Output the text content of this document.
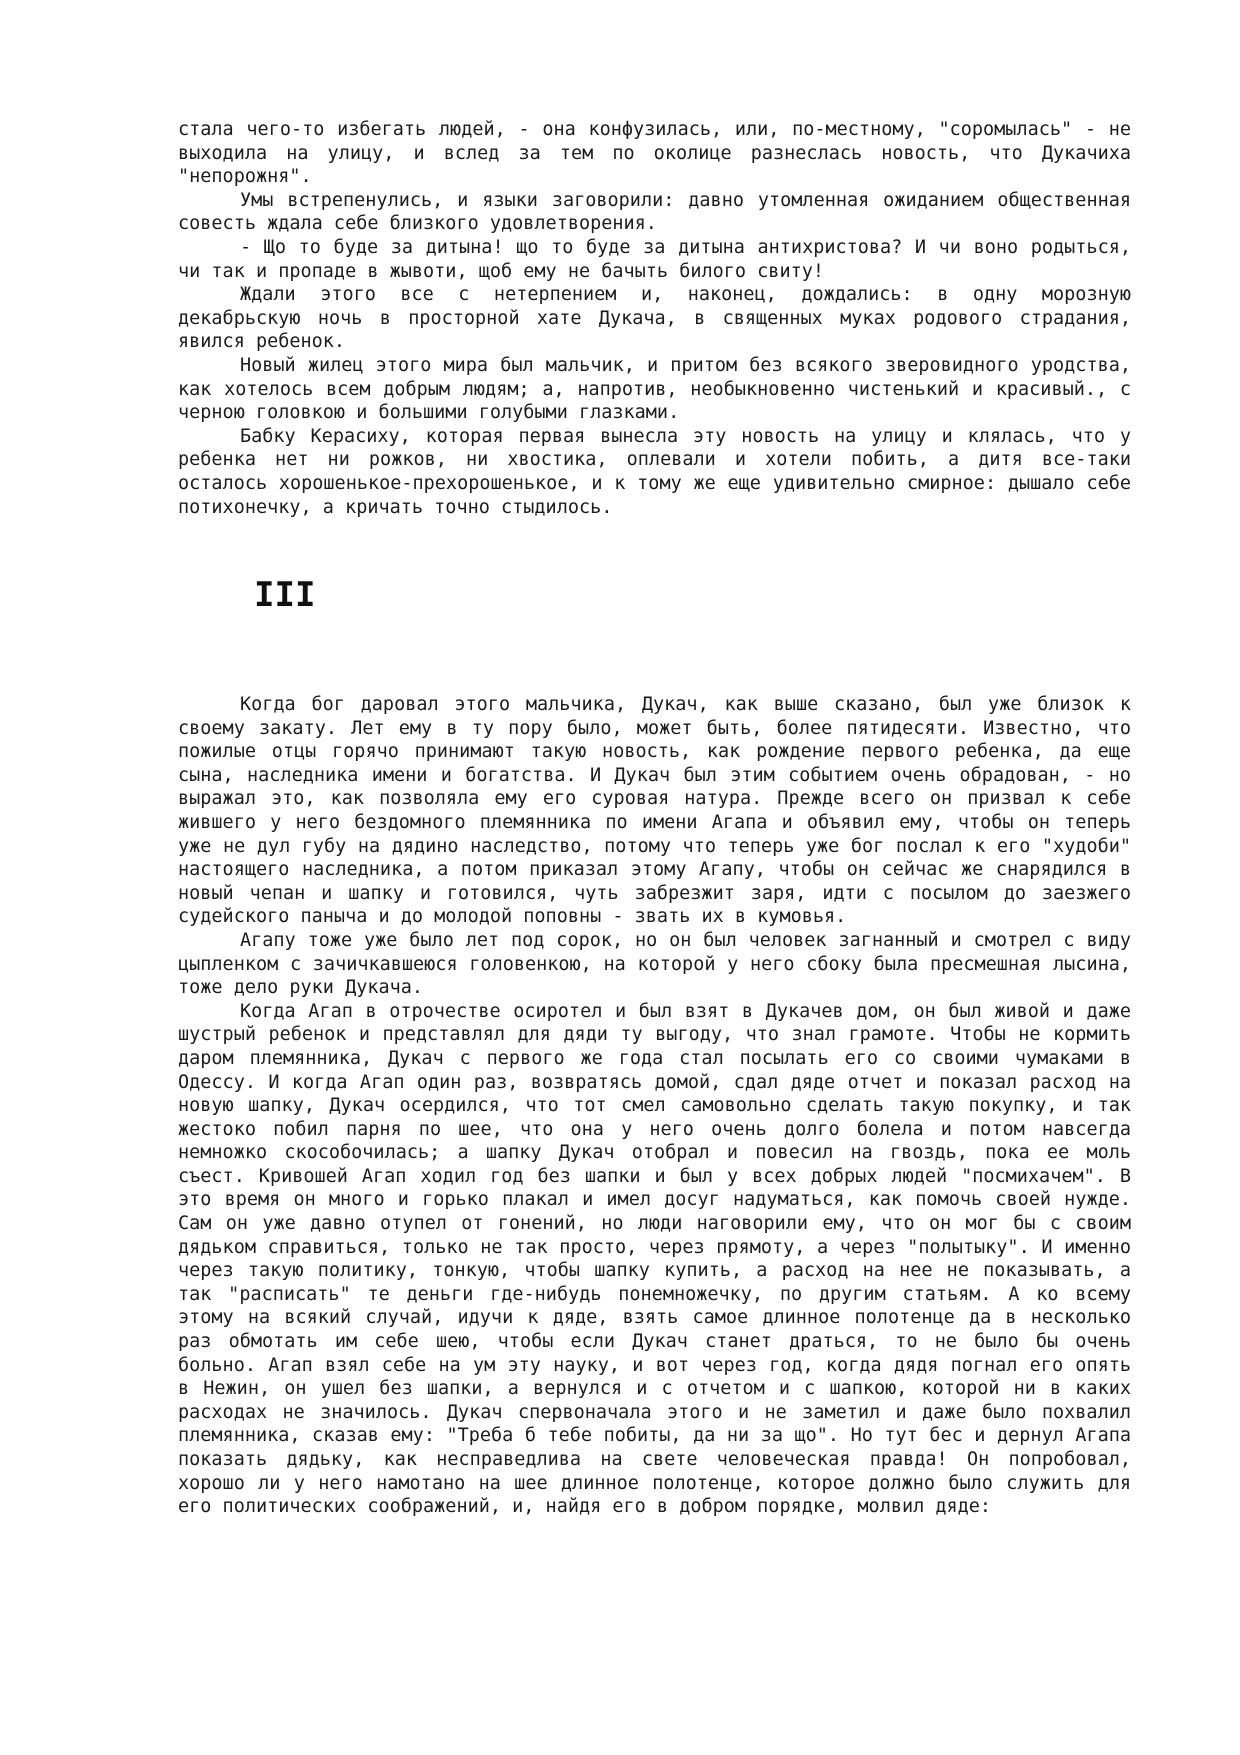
стала чего-то избегать людей, - она конфузилась, или, по-местному, "соромылась" - не выходила на улицу, и вслед за тем по околице разнеслась новость, что Дукачиха "непорожня".

Умы встрепенулись, и языки заговорили: давно утомленная ожиданием общественная совесть ждала себе близкого удовлетворения.

- Що то буде за дитына! що то буде за дитына антихристова? И чи воно родыться, чи так и пропаде в жывоти, щоб ему не бачыть билого свиту!

Ждали этого все с нетерпением и, наконец, дождались: в одну морозную декабрьскую ночь в просторной хате Дукача, в священных муках родового страдания, явился ребенок.

Новый жилец этого мира был мальчик, и притом без всякого зверовидного уродства, как хотелось всем добрым людям; а, напротив, необыкновенно чистенький и красивый., с черною головкою и большими голубыми глазками.

Бабку Керасиху, которая первая вынесла эту новость на улицу и клялась, что у ребенка нет ни рожков, ни хвостика, оплевали и хотели побить, а дитя все-таки осталось хорошенькое-прехорошенькое, и к тому же еще удивительно смирное: дышало себе потихонечку, а кричать точно стыдилось.

III

Когда бог даровал этого мальчика, Дукач, как выше сказано, был уже близок к своему закату. Лет ему в ту пору было, может быть, более пятидесяти. Известно, что пожилые отцы горячо принимают такую новость, как рождение первого ребенка, да еще сына, наследника имени и богатства. И Дукач был этим событием очень обрадован, - но выражал это, как позволяла ему его суровая натура. Прежде всего он призвал к себе жившего у него бездомного племянника по имени Агапа и объявил ему, чтобы он теперь уже не дул губу на дядино наследство, потому что теперь уже бог послал к его "худоби" настоящего наследника, а потом приказал этому Агапу, чтобы он сейчас же снарядился в новый чепан и шапку и готовился, чуть забрезжит заря, идти с посылом до заезжего судейского паныча и до молодой поповны - звать их в кумовья.

Агапу тоже уже было лет под сорок, но он был человек загнанный и смотрел с виду цыпленком с зачичкавшеюся головенкою, на которой у него сбоку была пресмешная лысина, тоже дело руки Дукача.

Когда Агап в отрочестве осиротел и был взят в Дукачев дом, он был живой и даже шустрый ребенок и представлял для дяди ту выгоду, что знал грамоте. Чтобы не кормить даром племянника, Дукач с первого же года стал посылать его со своими чумаками в Одессу. И когда Агап один раз, возвратясь домой, сдал дяде отчет и показал расход на новую шапку, Дукач осердился, что тот смел самовольно сделать такую покупку, и так жестоко побил парня по шее, что она у него очень долго болела и потом навсегда немножко скособочилась; а шапку Дукач отобрал и повесил на гвоздь, пока ее моль съест. Кривошей Агап ходил год без шапки и был у всех добрых людей "посмихачем". В это время он много и горько плакал и имел досуг надуматься, как помочь своей нужде. Сам он уже давно отупел от гонений, но люди наговорили ему, что он мог бы с своим дядьком справиться, только не так просто, через прямоту, а через "полытыку". И именно через такую политику, тонкую, чтобы шапку купить, а расход на нее не показывать, а так "расписать" те деньги где-нибудь понемножечку, по другим статьям. А ко всему этому на всякий случай, идучи к дяде, взять самое длинное полотенце да в несколько раз обмотать им себе шею, чтобы если Дукач станет драться, то не было бы очень больно. Агап взял себе на ум эту науку, и вот через год, когда дядя погнал его опять в Нежин, он ушел без шапки, а вернулся и с отчетом и с шапкою, которой ни в каких расходах не значилось. Дукач спервоначала этого и не заметил и даже было похвалил племянника, сказав ему: "Треба б тебе побиты, да ни за що". Но тут бес и дернул Агапа показать дядьку, как несправедлива на свете человеческая правда! Он попробовал, хорошо ли у него намотано на шее длинное полотенце, которое должно было служить для его политических соображений, и, найдя его в добром порядке, молвил дяде:
